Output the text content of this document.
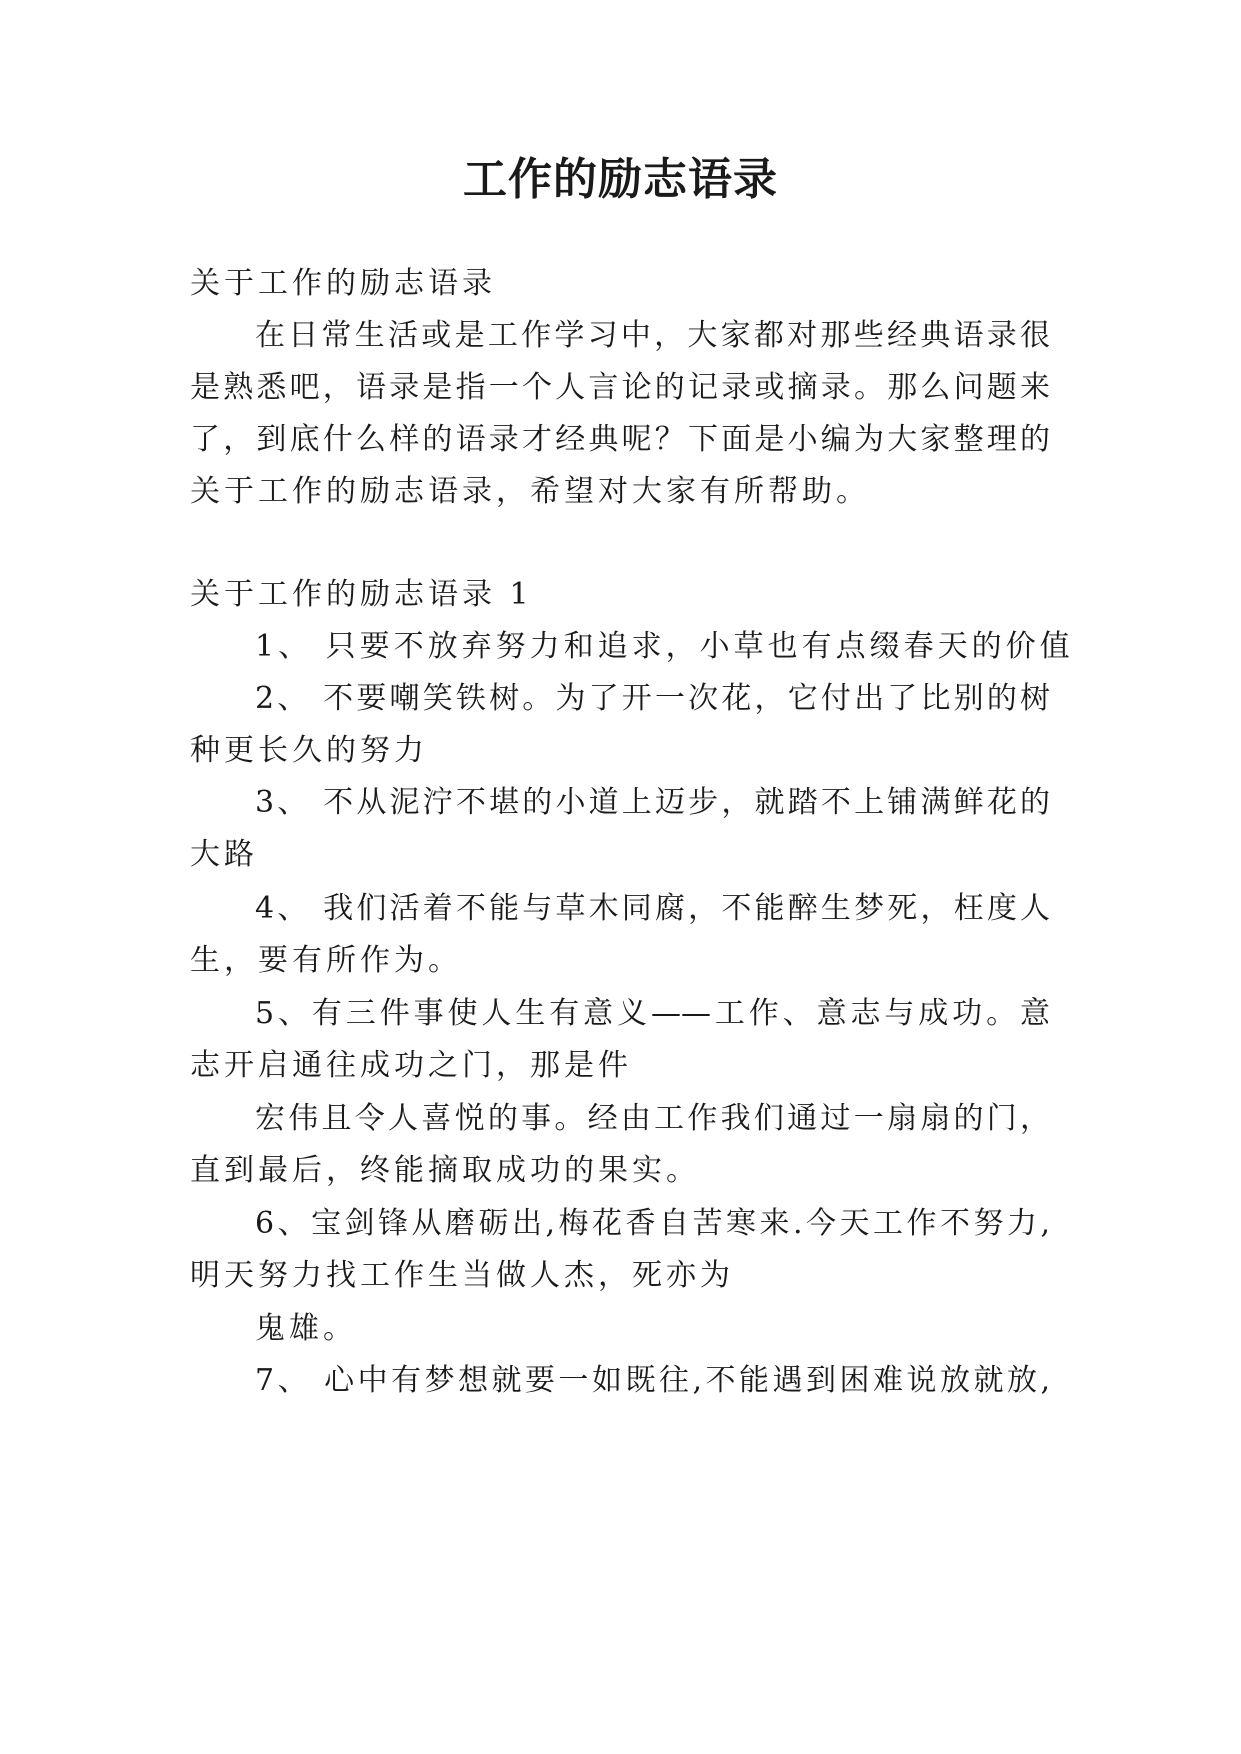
工作的励志语录
关于工作的励志语录
在日常生活或是工作学习中，大家都对那些经典语录很
是熟悉吧，语录是指一个人言论的记录或摘录。那么问题来
了，到底什么样的语录才经典呢？下面是小编为大家整理的
关于工作的励志语录，希望对大家有所帮助。
关于工作的励志语录 1
1、 只要不放弃努力和追求，小草也有点缀春天的价值
2、 不要嘲笑铁树。为了开一次花，它付出了比别的树
种更长久的努力
3、 不从泥泞不堪的小道上迈步，就踏不上铺满鲜花的
大路
4、 我们活着不能与草木同腐，不能醉生梦死，枉度人
生，要有所作为。
5、有三件事使人生有意义——工作、意志与成功。意
志开启通往成功之门，那是件
宏伟且令人喜悦的事。经由工作我们通过一扇扇的门，
直到最后，终能摘取成功的果实。
6、宝剑锋从磨砺出,梅花香自苦寒来.今天工作不努力,
明天努力找工作生当做人杰，死亦为
鬼雄。
7、 心中有梦想就要一如既往,不能遇到困难说放就放,
